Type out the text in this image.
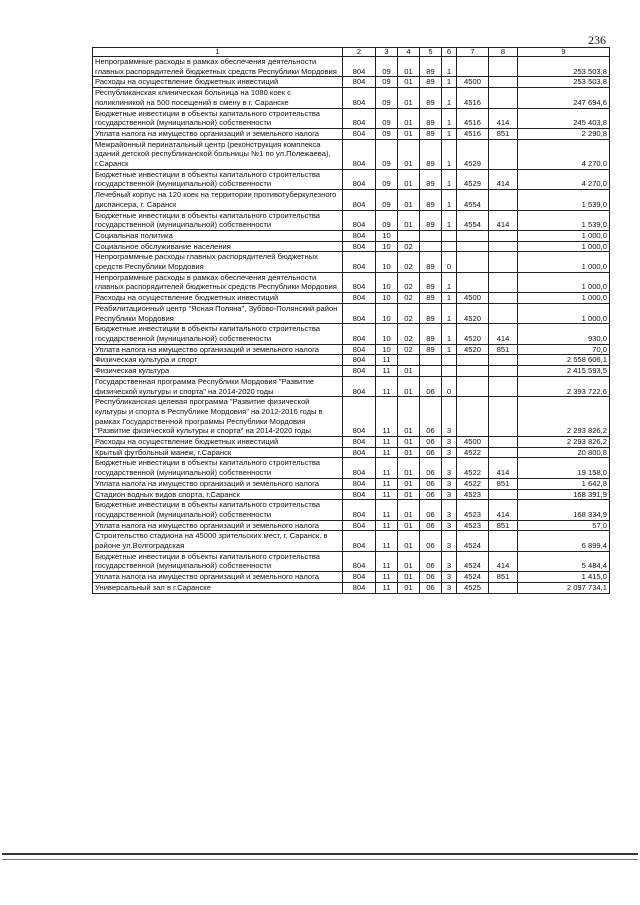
236
1	2	3	4	5	6	7	8	9
Непрограммные расходы в рамках обеспечения деятельности главных распорядителей бюджетных средств Республики Мордовия	804	09	01	89	1			253 503,8
Расходы на осуществление бюджетных инвестиций	804	09	01	89	1	4500		253 503,8
Республиканская клиническая больница на 1080 коек с поликлиникой на 500 посещений в смену в г. Саранске	804	09	01	89	1	4516		247 694,6
Бюджетные инвестиции в объекты капитального строительства государственной (муниципальной) собственности	804	09	01	89	1	4516	414	245 403,8
Уплата налога на имущество организаций и земельного налога	804	09	01	89	1	4516	851	2 290,8
Межрайонный перинатальный центр (реконструкция комплекса зданий детской республиканской больницы №1 по ул.Полежаева), г.Саранск	804	09	01	89	1	4529		4 270,0
Бюджетные инвестиции в объекты капитального строительства государственной (муниципальной) собственности	804	09	01	89	1	4529	414	4 270,0
Лечебный корпус на 120 коек на территории противотуберкулезного диспансера, г. Саранск	804	09	01	89	1	4554		1 539,0
Бюджетные инвестиции в объекты капитального строительства государственной (муниципальной) собственности	804	09	01	89	1	4554	414	1 539,0
Социальная политика	804	10						1 000,0
Социальное обслуживание населения	804	10	02					1 000,0
Непрограммные расходы главных распорядителей бюджетных средств Республики Мордовия	804	10	02	89	0			1 000,0
Непрограммные расходы в рамках обеспечения деятельности главных распорядителей бюджетных средств Республики Мордовия	804	10	02	89	1			1 000,0
Расходы на осуществление бюджетных инвестиций	804	10	02	89	1	4500		1 000,0
Реабилитационный центр "Ясная Поляна", Зубово-Полянский район Республики Мордовия	804	10	02	89	1	4520		1 000,0
Бюджетные инвестиции в объекты капитального строительства государственной (муниципальной) собственности	804	10	02	89	1	4520	414	930,0
Уплата налога на имущество организаций и земельного налога	804	10	02	89	1	4520	851	70,0
Физическая культура и спорт	804	11						2 558 606,1
Физическая культура	804	11	01					2 415 593,5
Государственная программа Республики Мордовия "Развитие физической культуры и спорта" на 2014-2020 годы	804	11	01	06	0			2 393 722,6
Республиканская целевая программа "Развитие физической культуры и спорта в Республике Мордовия" на 2012-2016 годы в рамках Государственной программы Республики Мордовия "Развитие физической культуры и спорта" на 2014-2020 годы	804	11	01	06	3			2 293 826,2
Расходы на осуществление бюджетных инвестиций	804	11	01	06	3	4500		2 293 826,2
Крытый футбольный манеж, г.Саранск	804	11	01	06	3	4522		20 800,8
Бюджетные инвестиции в объекты капитального строительства государственной (муниципальной) собственности	804	11	01	06	3	4522	414	19 158,0
Уплата налога на имущество организаций и земельного налога	804	11	01	06	3	4522	851	1 642,8
Стадион водных видов спорта, г.Саранск	804	11	01	06	3	4523		168 391,9
Бюджетные инвестиции в объекты капитального строительства государственной (муниципальной) собственности	804	11	01	06	3	4523	414	168 334,9
Уплата налога на имущество организаций и земельного налога	804	11	01	06	3	4523	851	57,0
Строительство стадиона на 45000 зрительских мест, г. Саранск, в районе ул.Волгоградская	804	11	01	06	3	4524		6 899,4
Бюджетные инвестиции в объекты капитального строительства государственной (муниципальной) собственности	804	11	01	06	3	4524	414	5 484,4
Уплата налога на имущество организаций и земельного налога	804	11	01	06	3	4524	851	1 415,0
Универсальный зал в г.Саранске	804	11	01	06	3	4525		2 097 734,1
